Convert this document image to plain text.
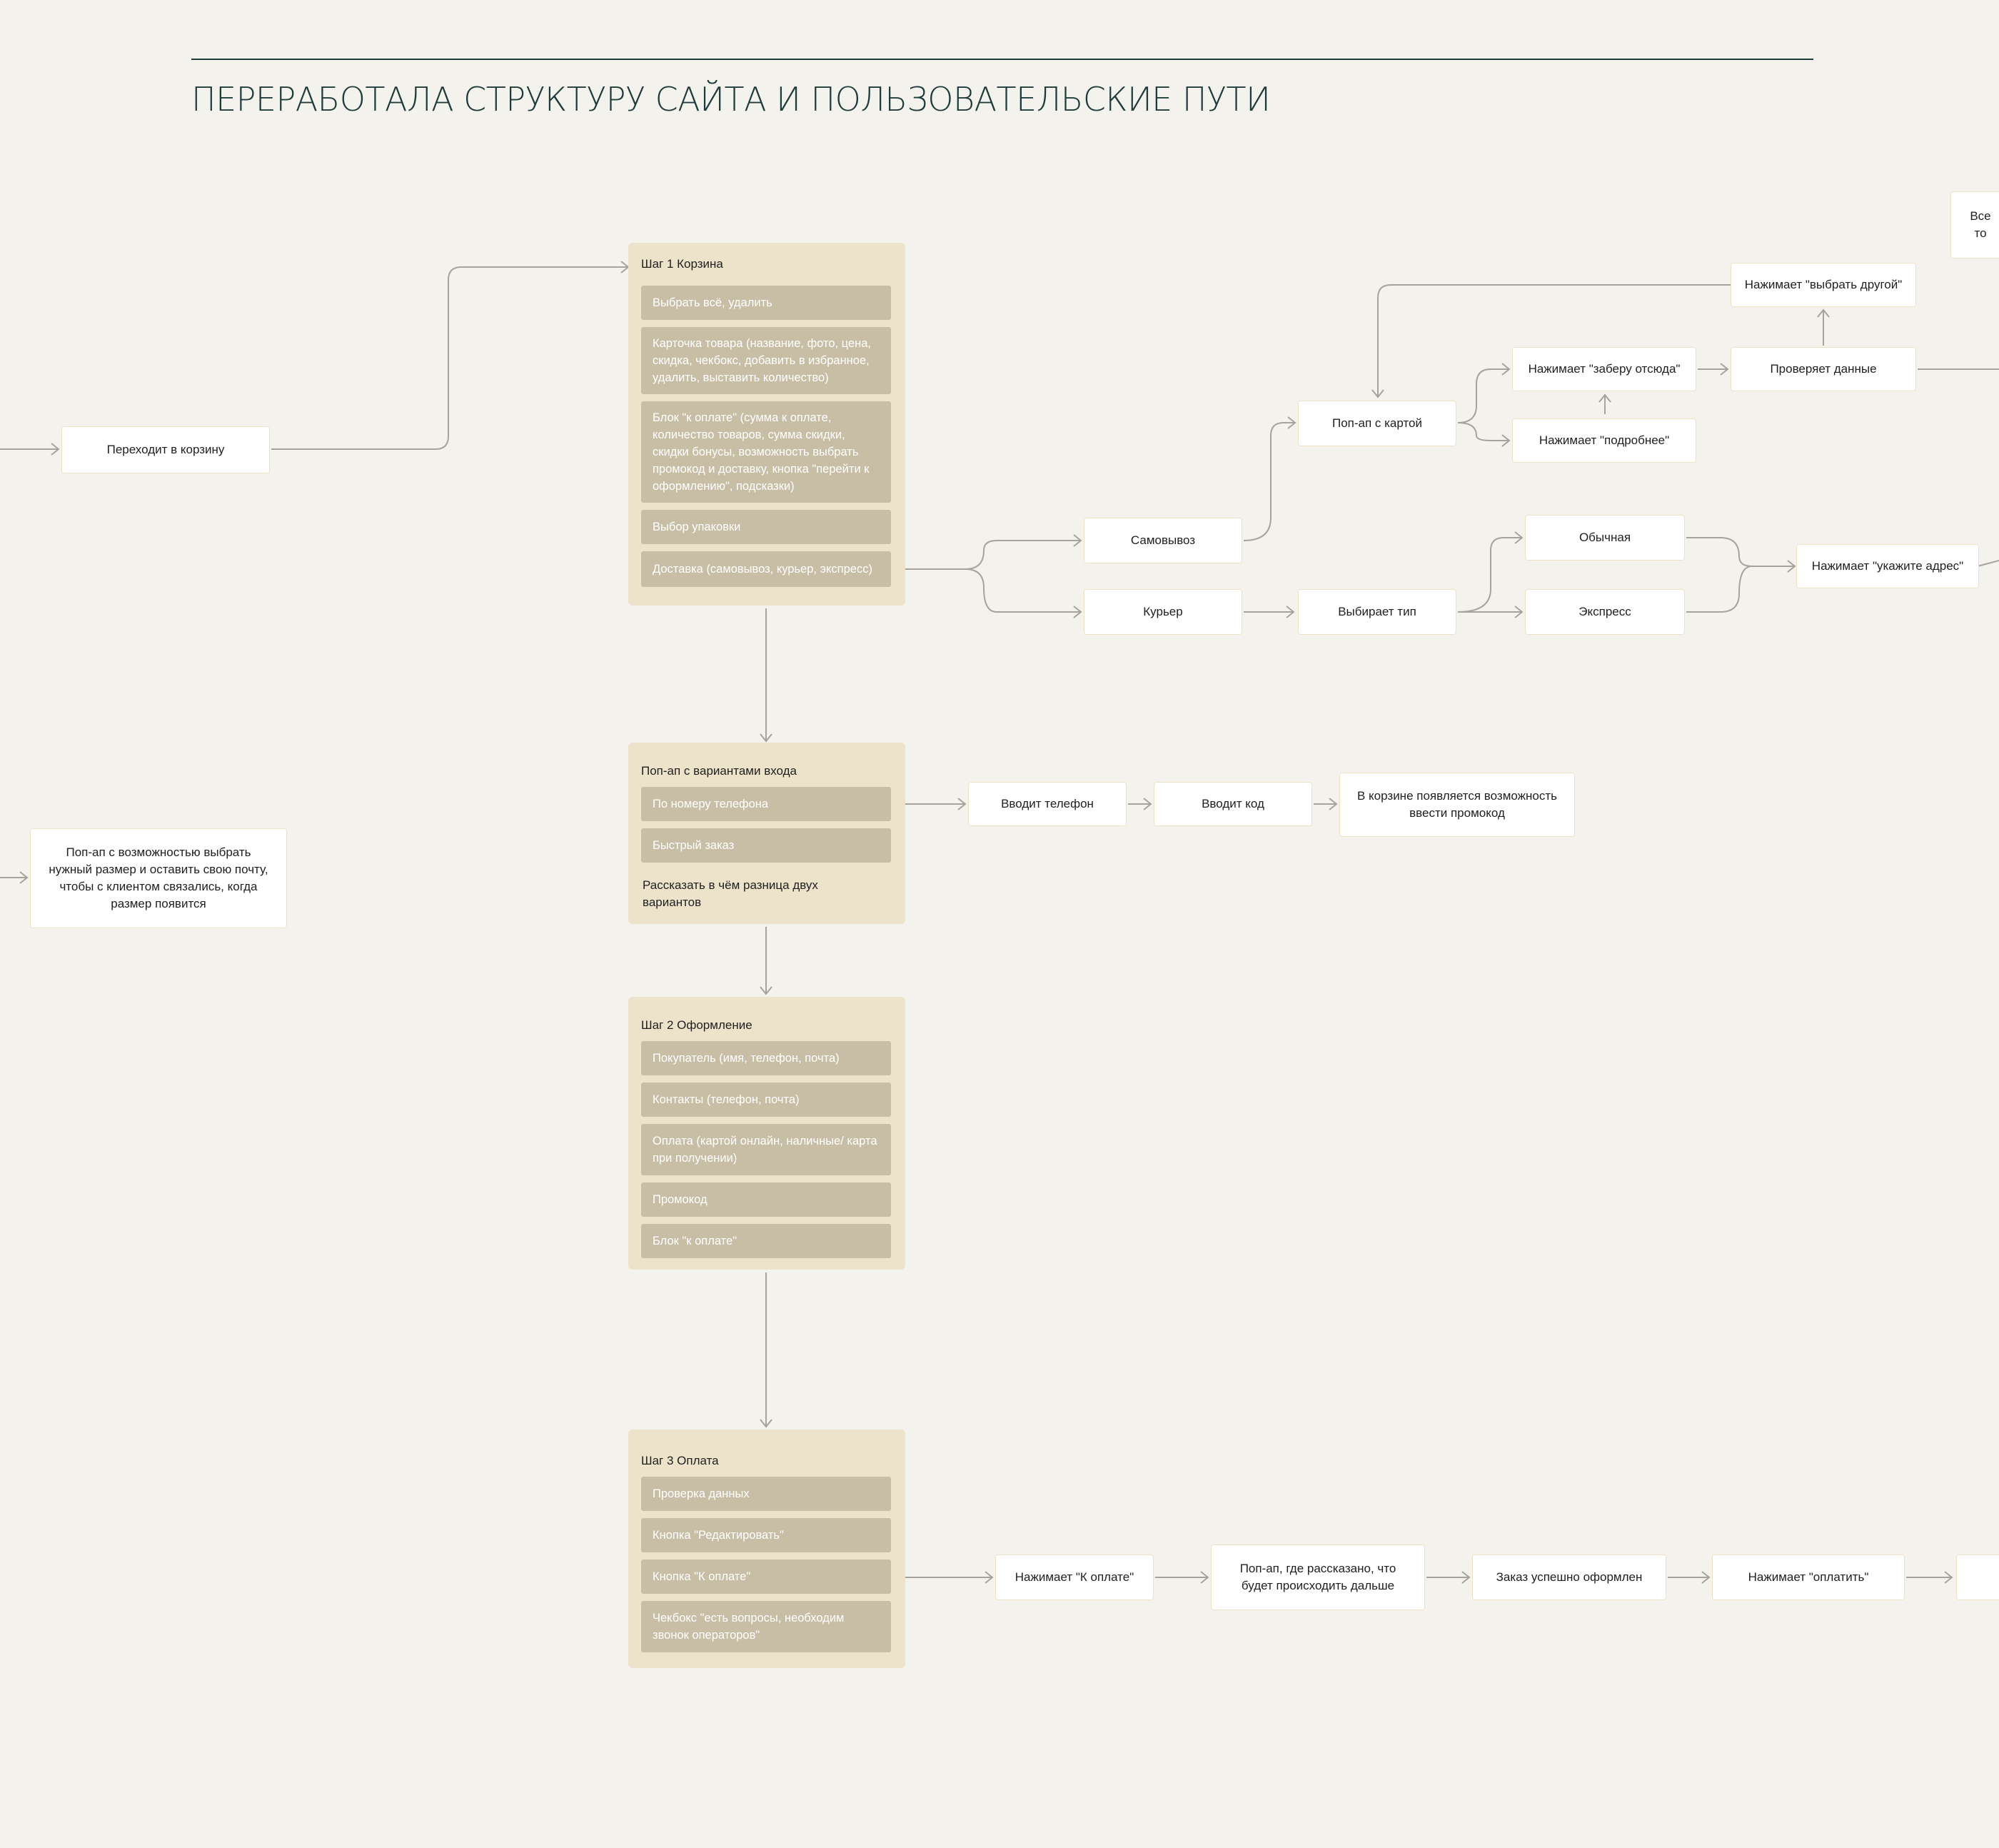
ПЕРЕРАБОТАЛА СТРУКТУРУ САЙТА И ПОЛЬЗОВАТЕЛЬСКИЕ ПУТИ
Переходит в корзину
Поп-ап с возможностью выбрать нужный размер и оставить свою почту, чтобы с клиентом связались, когда размер появится
Шаг 1 Корзина
Выбрать всё, удалить
Карточка товара (название, фото, цена, скидка, чекбокс, добавить в избранное, удалить, выставить количество)
Блок "к оплате" (сумма к оплате, количество товаров, сумма скидки, скидки бонусы, возможность выбрать промокод и доставку, кнопка "перейти к оформлению", подсказки)
Выбор упаковки
Доставка (самовывоз, курьер, экспресс)
Поп-ап с вариантами входа
По номеру телефона
Быстрый заказ
Рассказать в чём разница двух вариантов
Шаг 2 Оформление
Покупатель (имя, телефон, почта)
Контакты (телефон, почта)
Оплата (картой онлайн, наличные/ карта при получении)
Промокод
Блок "к оплате"
Шаг 3 Оплата
Проверка данных
Кнопка "Редактировать"
Кнопка "К оплате"
Чекбокс "есть вопросы, необходим звонок операторов"
Самовывоз
Курьер
Поп-ап с картой
Выбирает тип
Нажимает "заберу отсюда"
Нажимает "подробнее"
Проверяет данные
Нажимает "выбрать другой"
Все то
Обычная
Экспресс
Нажимает "укажите адрес"
Вводит телефон	Вводит код
В корзине появляется возможность ввести промокод
Нажимает "К оплате"
Поп-ап, где рассказано, что будет происходить дальше
Заказ успешно оформлен	Нажимает "оплатить"
